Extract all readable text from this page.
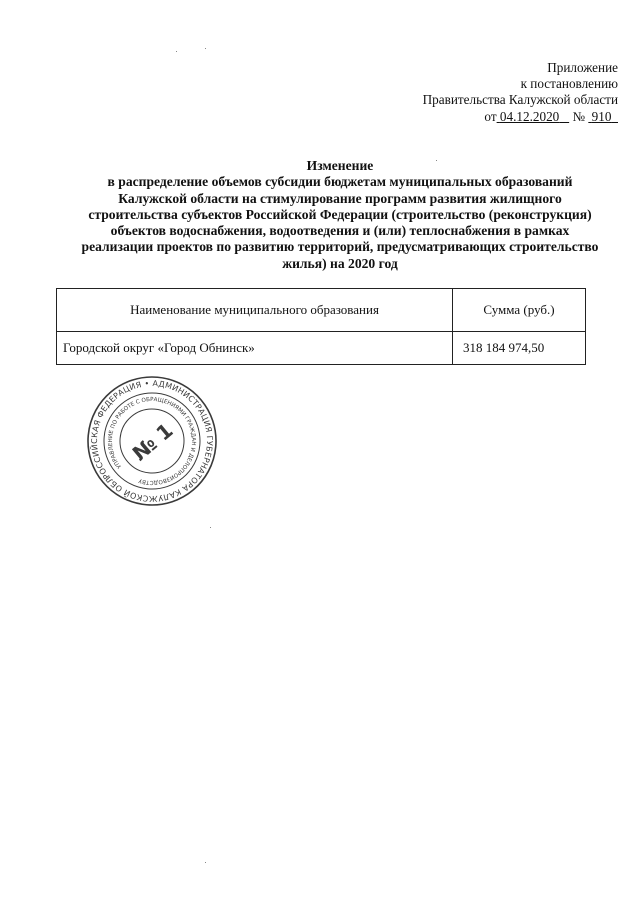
Приложение
к постановлению
Правительства Калужской области
от 04.12.2020 № 910
Изменение
в распределение объемов субсидии бюджетам муниципальных образований
Калужской области на стимулирование программ развития жилищного
строительства субъектов Российской Федерации (строительство (реконструкция)
объектов водоснабжения, водоотведения и (или) теплоснабжения в рамках
реализации проектов по развитию территорий, предусматривающих строительство
жилья) на 2020 год
Наименование муниципального образования	Сумма (руб.)
Городской округ «Город Обнинск»	318 184 974,50
РОССИЙСКАЯ ФЕДЕРАЦИЯ • АДМИНИСТРАЦИЯ ГУБЕРНАТОРА КАЛУЖСКОЙ ОБЛАСТИ
УПРАВЛЕНИЕ ПО РАБОТЕ С ОБРАЩЕНИЯМИ ГРАЖДАН И ДЕЛОПРОИЗВОДСТВУ
№ 1
